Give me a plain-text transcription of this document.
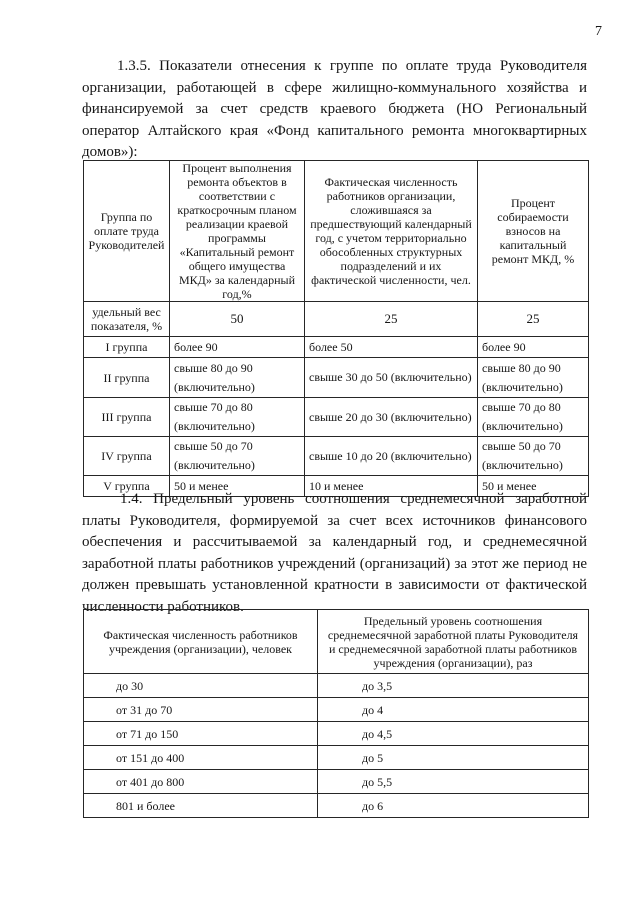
7

1.3.5. Показатели отнесения к группе по оплате труда Руководителя организации, работающей в сфере жилищно-коммунального хозяйства и финансируемой за счет средств краевого бюджета (НО Региональный оператор Алтайского края «Фонд капитального ремонта многоквартирных домов»):

Группа по оплате труда Руководителей	Процент выполнения ремонта объектов в соответствии с краткосрочным планом реализации краевой программы «Капитальный ремонт общего имущества МКД» за календарный год,%	Фактическая численность работников организации, сложившаяся за предшествующий календарный год, с учетом территориально обособленных структурных подразделений и их фактической численности, чел.	Процент собираемости взносов на капитальный ремонт МКД, %
удельный вес показателя, %	50	25	25
I группа	более 90	более 50	более 90
II группа	свыше 80 до 90 (включительно)	свыше 30 до 50 (включительно)	свыше 80 до 90 (включительно)
III группа	свыше 70 до 80 (включительно)	свыше 20 до 30 (включительно)	свыше 70 до 80 (включительно)
IV группа	свыше 50 до 70 (включительно)	свыше 10 до 20 (включительно)	свыше 50 до 70 (включительно)
V группа	50 и менее	10 и менее	50 и менее

1.4. Предельный уровень соотношения среднемесячной заработной платы Руководителя, формируемой за счет всех источников финансового обеспечения и рассчитываемой за календарный год, и среднемесячной заработной платы работников учреждений (организаций) за этот же период не должен превышать установленной кратности в зависимости от фактической численности работников.

Фактическая численность работников учреждения (организации), человек	Предельный уровень соотношения среднемесячной заработной платы Руководителя и среднемесячной заработной платы работников учреждения (организации), раз
до 30	до 3,5
от 31 до 70	до 4
от 71 до 150	до 4,5
от 151 до 400	до 5
от 401 до 800	до 5,5
801 и более	до 6
